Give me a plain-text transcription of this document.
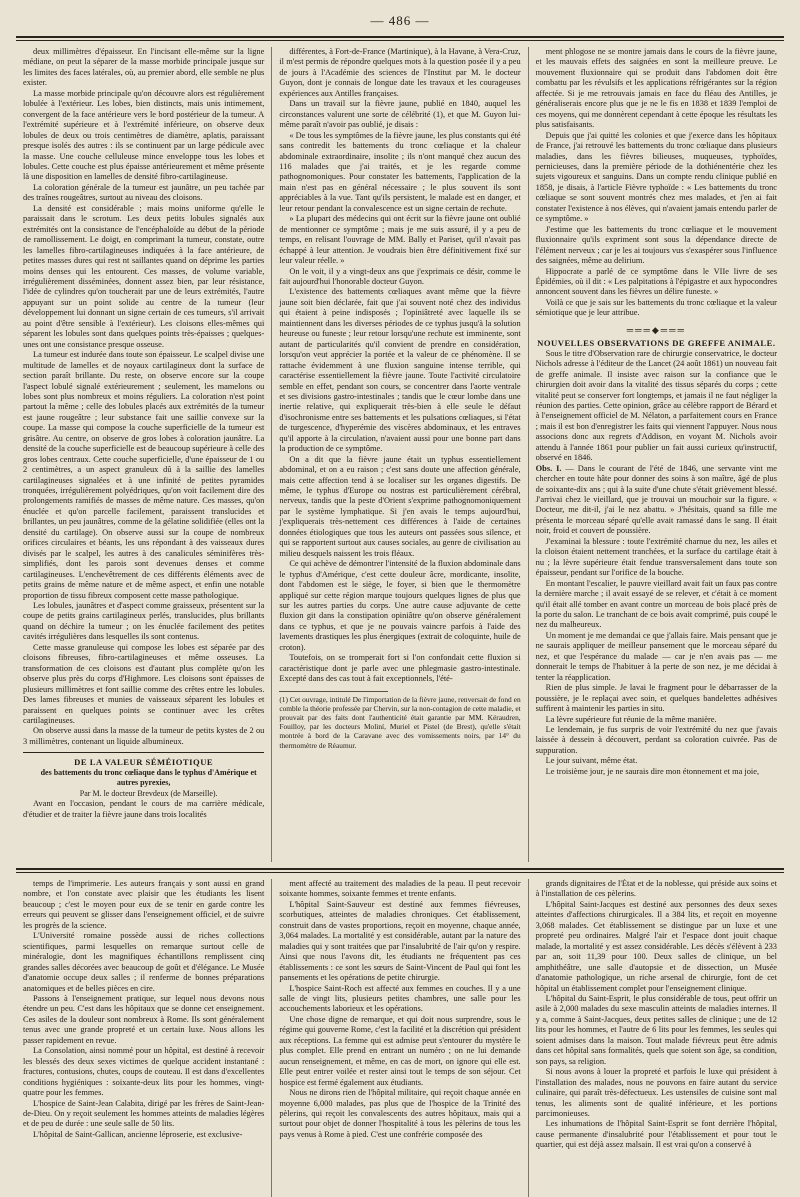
— 486 —

deux millimètres d'épaisseur. En l'incisant elle-même sur la ligne médiane, on peut la séparer de la masse morbide principale jusque sur les limites des faces latérales, où, au premier abord, elle semble ne plus exister.

La masse morbide principale qu'on découvre alors est régulièrement lobulée à l'extérieur. Les lobes, bien distincts, mais unis intimement, convergent de la face antérieure vers le bord postérieur de la tumeur. A l'extrémité supérieure et à l'extrémité inférieure, on observe deux lobules de deux ou trois centimètres de diamètre, aplatis, paraissant presque isolés des autres : ils se continuent par un large pédicule avec la masse. Une couche celluleuse mince enveloppe tous les lobes et lobules. Cette couche est plus épaisse antérieurement et même présente là une disposition en lamelles de densité fibro-cartilagineuse.

La coloration générale de la tumeur est jaunâtre, un peu tachée par des traînes rougeâtres, surtout au niveau des cloisons.

La densité est considérable ; mais moins uniforme qu'elle le paraissait dans le scrotum. Les deux petits lobules signalés aux extrémités ont la consistance de l'encéphaloïde au début de la période de ramollissement. Le doigt, en comprimant la tumeur, constate, outre les lamelles fibro-cartilagineuses indiquées à la face antérieure, de petites masses dures qui rest nt saillantes quand on déprime les parties moins denses qui les entourent. Ces masses, de volume variable, irrégulièrement disséminées, donnent assez bien, par leur résistance, l'idée de cylindres qu'on toucherait par une de leurs extrémités, l'autre appuyant sur un point solide au centre de la tumeur (leur développement lui donnant un signe certain de ces tumeurs, s'il arrivait au point d'être sensible à l'extérieur). Les cloisons elles-mêmes qui séparent les lobules sont dans quelques points très-épaisses ; quelques-unes ont une consistance presque osseuse.

La tumeur est indurée dans toute son épaisseur. Le scalpel divise une multitude de lamelles et de noyaux cartilagineux dont la surface de section paraît brillante. Du reste, on observe encore sur la coupe l'aspect lobulé signalé extérieurement ; seulement, les mamelons ou lobes sont plus nombreux et moins réguliers. La coloration n'est point partout la même ; celle des lobules placés aux extrémités de la tumeur est jaune rougeâtre ; leur substance fait une saillie convexe sur la coupe. La masse qui compose la couche superficielle de la tumeur est grisâtre. Au centre, on observe de gros lobes à coloration jaunâtre. La densité de la couche superficielle est de beaucoup supérieure à celle des gros lobes centraux. Cette couche superficielle, d'une épaisseur de 1 ou 2 centimètres, a un aspect granuleux dû à la saillie des lamelles cartilagineuses signalées et à une infinité de petites pyramides tronquées, irrégulièrement polyédriques, qu'on voit facilement dire des prolongements ramifiés de masses de même nature. Ces masses, qu'on énuclée et qu'on parcelle facilement, paraissent translucides et brillantes, un peu jaunâtres, comme de la gélatine solidifiée (elles ont la densité du cartilage). On observe aussi sur la coupe de nombreux orifices circulaires et béants, les uns répondant à des vaisseaux dures divisés par le scalpel, les autres à des canalicules séminifères très-simplifiés, dont les parois sont devenues denses et comme cartilagineuses. L'enchevêtrement de ces différents éléments avec de petits grains de même nature et de même aspect, et enfin une notable proportion de tissu fibreux composent cette masse pathologique.

Les lobules, jaunâtres et d'aspect comme graisseux, présentent sur la coupe de petits grains cartilagineux perlés, translucides, plus brillants quand on déchire la tumeur ; on les énuclée facilement des petites cavités irrégulières dans lesquelles ils sont contenus.

Cette masse granuleuse qui compose les lobes est séparée par des cloisons fibreuses, fibro-cartilagineuses et même osseuses. La transformation de ces cloisons est d'autant plus complète qu'on les observe plus près du corps d'Highmore. Les cloisons sont épaisses de plusieurs millimètres et font saillie comme des crêtes entre les lobules. Des lames fibreuses et munies de vaisseaux séparent les lobules et paraissent en quelques points se continuer avec les crêtes cartilagineuses.

On observe aussi dans la masse de la tumeur de petits kystes de 2 ou 3 millimètres, contenant un liquide albumineux.

DE LA VALEUR SÉMÉIOTIQUE

des battements du tronc cœliaque dans le typhus d'Amérique et autres pyrexies,

Par M. le docteur Brevdeux (de Marseille).

Avant en l'occasion, pendant le cours de ma carrière médicale, d'étudier et de traiter la fièvre jaune dans trois localités

différentes, à Fort-de-France (Martinique), à la Havane, à Vera-Cruz, il m'est permis de répondre quelques mots à la question posée il y a peu de jours à l'Académie des sciences de l'Institut par M. le docteur Guyon, dont je connais de longue date les travaux et les courageuses expériences aux Antilles françaises.

Dans un travail sur la fièvre jaune, publié en 1840, auquel les circonstances valurent une sorte de célébrité (1), et que M. Guyon lui-même paraît n'avoir pas oublié, je disais :

« De tous les symptômes de la fièvre jaune, les plus constants qui été sans contredit les battements du tronc cœliaque et la chaleur abdominale extraordinaire, insolite ; ils n'ont manqué chez aucun des 116 malades que j'ai traités, et je les regarde comme pathognomoniques. Pour constater les battements, l'application de la main n'est pas en général nécessaire ; le plus souvent ils sont appréciables à la vue. Tant qu'ils persistent, le malade est en danger, et leur retour pendant la convalescence est un signe certain de rechute.

» La plupart des médecins qui ont écrit sur la fièvre jaune ont oublié de mentionner ce symptôme ; mais je me suis assuré, il y a peu de temps, en relisant l'ouvrage de MM. Bally et Pariset, qu'il n'avait pas échappé à leur attention. Je voudrais bien être définitivement fixé sur leur valeur réelle. »

On le voit, il y a vingt-deux ans que j'exprimais ce désir, comme le fait aujourd'hui l'honorable docteur Guyon.

L'existence des battements cœliaques avant même que la fièvre jaune soit bien déclarée, fait que j'ai souvent noté chez des individus qui étaient à peine indisposés ; l'opiniâtreté avec laquelle ils se maintiennent dans les diverses périodes de ce typhus jusqu'à la solution heureuse ou funeste ; leur retour lorsqu'une rechute est imminente, sont autant de particularités qu'il convient de prendre en considération, lorsqu'on veut apprécier la portée et la valeur de ce phénomène. Il se rattache évidemment à une fluxion sanguine intense terrible, qui caractérise essentiellement la fièvre jaune. Toute l'activité circulatoire semble en effet, pendant son cours, se concentrer dans l'aorte ventrale et ses divisions gastro-intestinales ; tandis que le cœur lombe dans une inertie relative, qui expliquerait très-bien à elle seule le défaut d'isochronisme entre ses battements et les pulsations cœliaques, si l'état de turgescence, d'hyperémie des viscères abdominaux, et les entraves qu'il apporte à la circulation, n'avaient aussi pour une bonne part dans la production de ce symptôme.

On a dit que la fièvre jaune était un typhus essentiellement abdominal, et on a eu raison ; c'est sans doute une affection générale, mais cette affection tend à se localiser sur les organes digestifs. De même, le typhus d'Europe ou nostras est particulièrement cérébral, nerveux, tandis que la peste d'Orient s'exprime pathognomoniquement par le système lymphatique. Si j'en avais le temps aujourd'hui, j'expliquerais très-nettement ces différences à l'aide de certaines données étiologiques que tous les auteurs ont passées sous silence, et qui se rapportent surtout aux causes sociales, au genre de civilisation au milieu desquels naissent les trois fléaux.

Ce qui achève de démontrer l'intensité de la fluxion abdominale dans le typhus d'Amérique, c'est cette douleur âcre, mordicante, insolite, dont l'abdomen est le siège, le foyer, si bien que le thermomètre appliqué sur cette région marque toujours quelques lignes de plus que sur les autres parties du corps. Une autre cause adjuvante de cette fluxion git dans la constipation opiniâtre qu'on observe généralement dans ce typhus, et que je ne pouvais vaincre parfois à l'aide des lavements drastiques les plus énergiques (extrait de coloquinte, huile de croton).

Toutefois, on se tromperait fort si l'on confondait cette fluxion si caractéristique dont je parle avec une phlegmasie gastro-intestinale. Excepté dans des cas tout à fait exceptionnels, l'été-

(1) Cet ouvrage, intitulé De l'importation de la fièvre jaune, renversait de fond en comble la théorie professée par Chervin, sur la non-contagion de cette maladie, et prouvait par des faits dont l'authenticité était garantie par MM. Kéraudren, Fouilloy, par les docteurs Moliní, Muriel et Pistel (de Brest), qu'elle s'était montrée à bord de la Caravane avec des vomissements noirs, par 14° du thermomètre de Réaumur.

ment phlogose ne se montre jamais dans le cours de la fièvre jaune, et les mauvais effets des saignées en sont la meilleure preuve. Le mouvement fluxionnaire qui se produit dans l'abdomen doit être combattu par les révulsifs et les applications réfrigérantes sur la région affectée. Si je me retrouvais jamais en face du fléau des Antilles, je généraliserais encore plus que je ne le fis en 1838 et 1839 l'emploi de ces moyens, qui me donnèrent cependant à cette époque les résultats les plus satisfaisants.

Depuis que j'ai quitté les colonies et que j'exerce dans les hôpitaux de France, j'ai retrouvé les battements du tronc cœliaque dans plusieurs maladies, dans les fièvres bilieuses, muqueuses, typhoïdes, pernicieuses, dans la première période de la dothiénentérie chez les sujets vigoureux et sanguins. Dans un compte rendu clinique publié en 1858, je disais, à l'article Fièvre typhoïde : « Les battements du tronc cœliaque se sont souvent montrés chez mes malades, et j'en ai fait constater l'existence à nos élèves, qui n'avaient jamais entendu parler de ce symptôme. »

J'estime que les battements du tronc cœliaque et le mouvement fluxionnaire qu'ils expriment sont sous la dépendance directe de l'élément nerveux ; car je les ai toujours vus s'exaspérer sous l'influence des saignées, même au delirium.

Hippocrate a parlé de ce symptôme dans le VIIe livre de ses Épidémies, où il dit : « Les palpitations à l'épigastre et aux hypocondres annoncent souvent dans les fièvres un délire funeste. »

Voilà ce que je sais sur les battements du tronc cœliaque et la valeur sémiotique que je leur attribue.

═══◆═══

NOUVELLES OBSERVATIONS DE GREFFE ANIMALE.

Sous le titre d'Observation rare de chirurgie conservatrice, le docteur Nichols adresse à l'éditeur de the Lancet (24 août 1861) un nouveau fait de greffe animale. Il insiste avec raison sur la confiance que le chirurgien doit avoir dans la vitalité des tissus séparés du corps ; cette vitalité peut se conserver fort longtemps, et jamais il ne faut négliger la réunion des parties. Cette opinion, grâce au célèbre rapport de Bérard et à l'enseignement officiel de M. Nélaton, a parfaitement cours en France ; mais il est bon d'enregistrer les faits qui viennent l'appuyer. Nous nous associons donc aux regrets d'Addison, en voyant M. Nichols avoir attendu à l'année 1861 pour publier un fait aussi curieux qu'instructif, observé en 1846.

Obs. I. — Dans le courant de l'été de 1846, une servante vint me chercher en toute hâte pour donner des soins à son maître, âgé de plus de soixante-dix ans ; qui à la suite d'une chute s'était grièvement blessé. J'arrivai chez le vieillard, que je trouvai un mouchoir sur la figure. « Docteur, me dit-il, j'ai le nez abattu. » J'hésitais, quand sa fille me présenta le morceau séparé qu'elle avait ramassé dans le sang. Il était noir, froid et couvert de poussière.

J'examinai la blessure : toute l'extrémité charnue du nez, les ailes et la cloison étaient nettement tranchées, et la surface du cartilage était à nu ; la lèvre supérieure était fendue transversalement dans toute son épaisseur, pendant sur l'orifice de la bouche.

En montant l'escalier, le pauvre vieillard avait fait un faux pas contre la dernière marche ; il avait essayé de se relever, et c'était à ce moment qu'il était allé tomber en avant contre un morceau de bois placé près de la porte du salon. Le tranchant de ce bois avait comprimé, puis coupé le nez du malheureux.

Un moment je me demandai ce que j'allais faire. Mais pensant que je ne saurais appliquer de meilleur pansement que le morceau séparé du nez, et que l'espérance du malade — car je n'en avais pas — me donnerait le temps de l'habituer à la perte de son nez, je me décidai à tenter la réapplication.

Rien de plus simple. Je lavai le fragment pour le débarrasser de la poussière, je le replaçai avec soin, et quelques bandelettes adhésives suffirent à maintenir les parties in situ.

La lèvre supérieure fut réunie de la même manière.

Le lendemain, je fus surpris de voir l'extrémité du nez que j'avais laissée à dessein à découvert, perdant sa coloration cuivrée. Pas de suppuration.

Le jour suivant, même état.

Le troisième jour, je ne saurais dire mon étonnement et ma joie,

temps de l'imprimerie. Les auteurs français y sont aussi en grand nombre, et l'on constate avec plaisir que les étudiants les lisent beaucoup ; c'est le moyen pour eux de se tenir en garde contre les erreurs qui peuvent se glisser dans l'enseignement officiel, et de suivre les progrès de la science.

L'Université romaine possède aussi de riches collections scientifiques, parmi lesquelles on remarque surtout celle de minéralogie, dont les magnifiques échantillons remplissent cinq grandes salles décorées avec beaucoup de goût et d'élégance. Le Musée d'anatomie occupe deux salles ; il renferme de bonnes préparations anatomiques et de belles pièces en cire.

Passons à l'enseignement pratique, sur lequel nous devons nous étendre un peu. C'est dans les hôpitaux que se donne cet enseignement. Ces asiles de la douleur sont nombreux à Rome. Ils sont généralement tenus avec une grande propreté et un certain luxe. Nous allons les passer rapidement en revue.

La Consolation, ainsi nommé pour un hôpital, est destiné à recevoir les blessés des deux sexes victimes de quelque accident instantané : fractures, contusions, chutes, coups de couteau. Il est dans d'excellentes conditions hygiéniques : soixante-deux lits pour les hommes, vingt-quatre pour les femmes.

L'hospice de Saint-Jean Calabita, dirigé par les frères de Saint-Jean-de-Dieu. On y reçoit seulement les hommes atteints de maladies légères et de peu de durée : une seule salle de 50 lits.

L'hôpital de Saint-Gallican, ancienne léproserie, est exclusive-

ment affecté au traitement des maladies de la peau. Il peut recevoir soixante hommes, soixante femmes et trente enfants.

L'hôpital Saint-Sauveur est destiné aux femmes fiévreuses, scorbutiques, atteintes de maladies chroniques. Cet établissement, construit dans de vastes proportions, reçoit en moyenne, chaque année, 3,064 malades. La mortalité y est considérable, autant par la nature des maladies qui y sont traitées que par l'insalubrité de l'air qu'on y respire. Ainsi que nous l'avons dit, les étudiants ne fréquentent pas ces établissements : ce sont les sœurs de Saint-Vincent de Paul qui font les pansements et les opérations de petite chirurgie.

L'hospice Saint-Roch est affecté aux femmes en couches. Il y a une salle de vingt lits, plusieurs petites chambres, une salle pour les accouchements laborieux et les opérations.

Une chose digne de remarque, et qui doit nous surprendre, sous le régime qui gouverne Rome, c'est la facilité et la discrétion qui président aux réceptions. La femme qui est admise peut s'entourer du mystère le plus complet. Elle prend en entrant un numéro ; on ne lui demande aucun renseignement, et même, en cas de mort, on ignore qui elle est. Elle peut entrer voilée et rester ainsi tout le temps de son séjour. Cet hospice est fermé également aux étudiants.

Nous ne dirons rien de l'hôpital militaire, qui reçoit chaque année en moyenne 6,000 malades, pas plus que de l'hospice de la Trinité des pèlerins, qui reçoit les convalescents des autres hôpitaux, mais qui a surtout pour objet de donner l'hospitalité à tous les pèlerins de tous les pays venus à Rome à pied. C'est une confrérie composée des

grands dignitaires de l'État et de la noblesse, qui préside aux soins et à l'installation de ces pèlerins.

L'hôpital Saint-Jacques est destiné aux personnes des deux sexes atteintes d'affections chirurgicales. Il a 384 lits, et reçoit en moyenne 3,068 malades. Cet établissement se distingue par un luxe et une propreté peu ordinaires. Malgré l'air et l'espace dont jouit chaque malade, la mortalité y est assez considérable. Les décès s'élèvent à 233 par an, soit 11,39 pour 100. Deux salles de clinique, un bel amphithéâtre, une salle d'autopsie et de dissection, un Musée d'anatomie pathologique, un riche arsenal de chirurgie, font de cet hôpital un établissement complet pour l'enseignement clinique.

L'hôpital du Saint-Esprit, le plus considérable de tous, peut offrir un asile à 2,000 malades du sexe masculin atteints de maladies internes. Il y a, comme à Saint-Jacques, deux petites salles de clinique ; une de 12 lits pour les hommes, et l'autre de 6 lits pour les femmes, les seules qui soient admises dans la maison. Tout malade fiévreux peut être admis dans cet hôpital sans formalités, quels que soient son âge, sa condition, son pays, sa religion.

Si nous avons à louer la propreté et parfois le luxe qui président à l'installation des malades, nous ne pouvons en faire autant du service culinaire, qui paraît très-défectueux. Les ustensiles de cuisine sont mal tenus, les aliments sont de qualité inférieure, et les portions parcimonieuses.

Les inhumations de l'hôpital Saint-Esprit se font derrière l'hôpital, cause permanente d'insalubrité pour l'établissement et pour tout le quartier, qui est déjà assez malsain. Il est vrai qu'on a conservé à
